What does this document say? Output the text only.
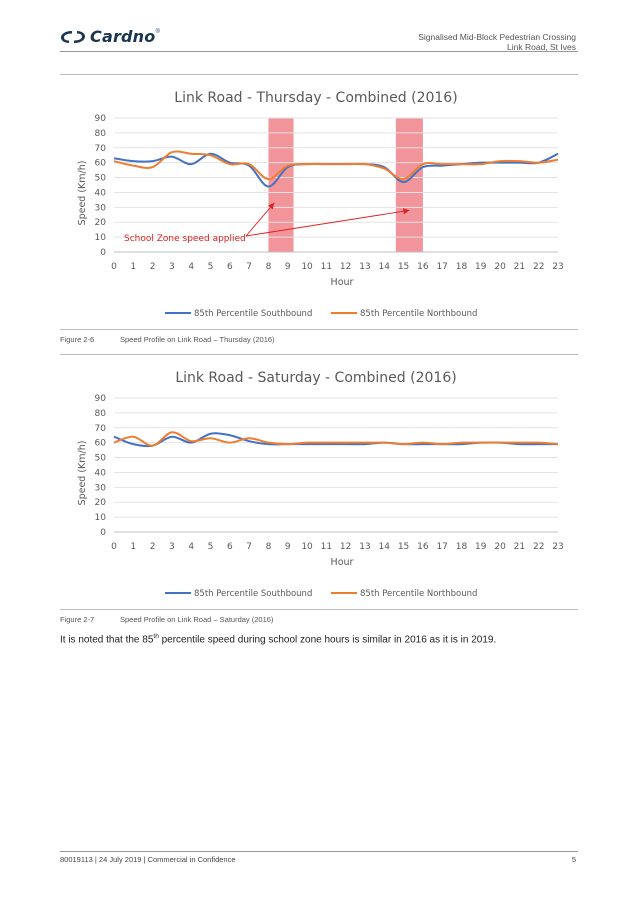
Cardno ®	Signalised Mid-Block Pedestrian Crossing
Link Road, St Ives
Link Road - Thursday - Combined (2016)
0
10
20
30
40
50
60
70
80
90
0 1 2 3 4 5 6 7 8 9 10 11 12 13 14 15 16 17 18 19 20 21 22 23
School Zone speed applied
Hour
Speed (Km/h)
85th Percentile Southbound	85th Percentile Northbound
Figure 2-6	Speed Profile on Link Road – Thursday (2016)
Link Road - Saturday - Combined (2016)
0
10
20
30
40
50
60
70
80
90
0 1 2 3 4 5 6 7 8 9 10 11 12 13 14 15 16 17 18 19 20 21 22 23
Hour
Speed (Km/h)
85th Percentile Southbound	85th Percentile Northbound
Figure 2-7	Speed Profile on Link Road – Saturday (2016)
It is noted that the 85th percentile speed during school zone hours is similar in 2016 as it is in 2019.
80019113 | 24 July 2019 | Commercial in Confidence	5
